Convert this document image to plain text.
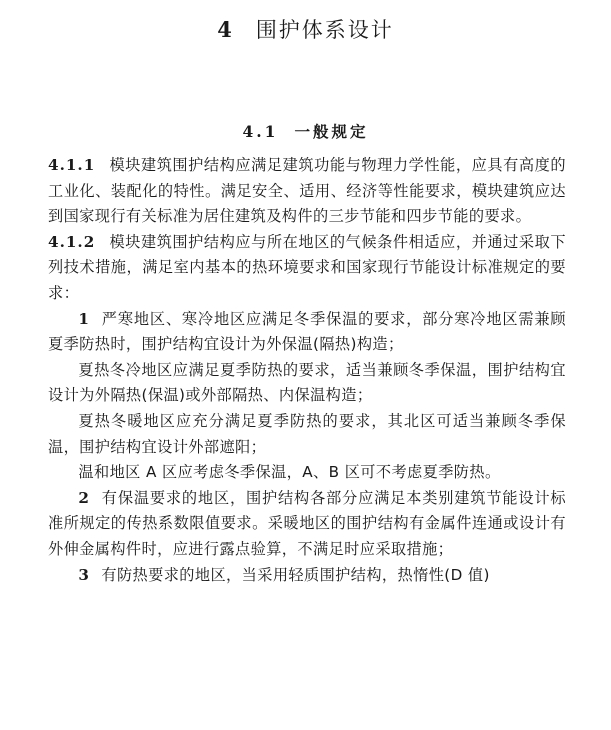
4 围护体系设计
4.1 一般规定

4.1.1 模块建筑围护结构应满足建筑功能与物理力学性能，应具有高度的工业化、装配化的特性。满足安全、适用、经济等性能要求，模块建筑应达到国家现行有关标准为居住建筑及构件的三步节能和四步节能的要求。

4.1.2 模块建筑围护结构应与所在地区的气候条件相适应，并通过采取下列技术措施，满足室内基本的热环境要求和国家现行节能设计标准规定的要求：

1 严寒地区、寒冷地区应满足冬季保温的要求，部分寒冷地区需兼顾夏季防热时，围护结构宜设计为外保温(隔热)构造；

夏热冬冷地区应满足夏季防热的要求，适当兼顾冬季保温，围护结构宜设计为外隔热(保温)或外部隔热、内保温构造；

夏热冬暖地区应充分满足夏季防热的要求，其北区可适当兼顾冬季保温，围护结构宜设计外部遮阳；

温和地区 A 区应考虑冬季保温，A、B 区可不考虑夏季防热。

2 有保温要求的地区，围护结构各部分应满足本类别建筑节能设计标准所规定的传热系数限值要求。采暖地区的围护结构有金属件连通或设计有外伸金属构件时，应进行露点验算，不满足时应采取措施；

3 有防热要求的地区，当采用轻质围护结构，热惰性(D 值)
